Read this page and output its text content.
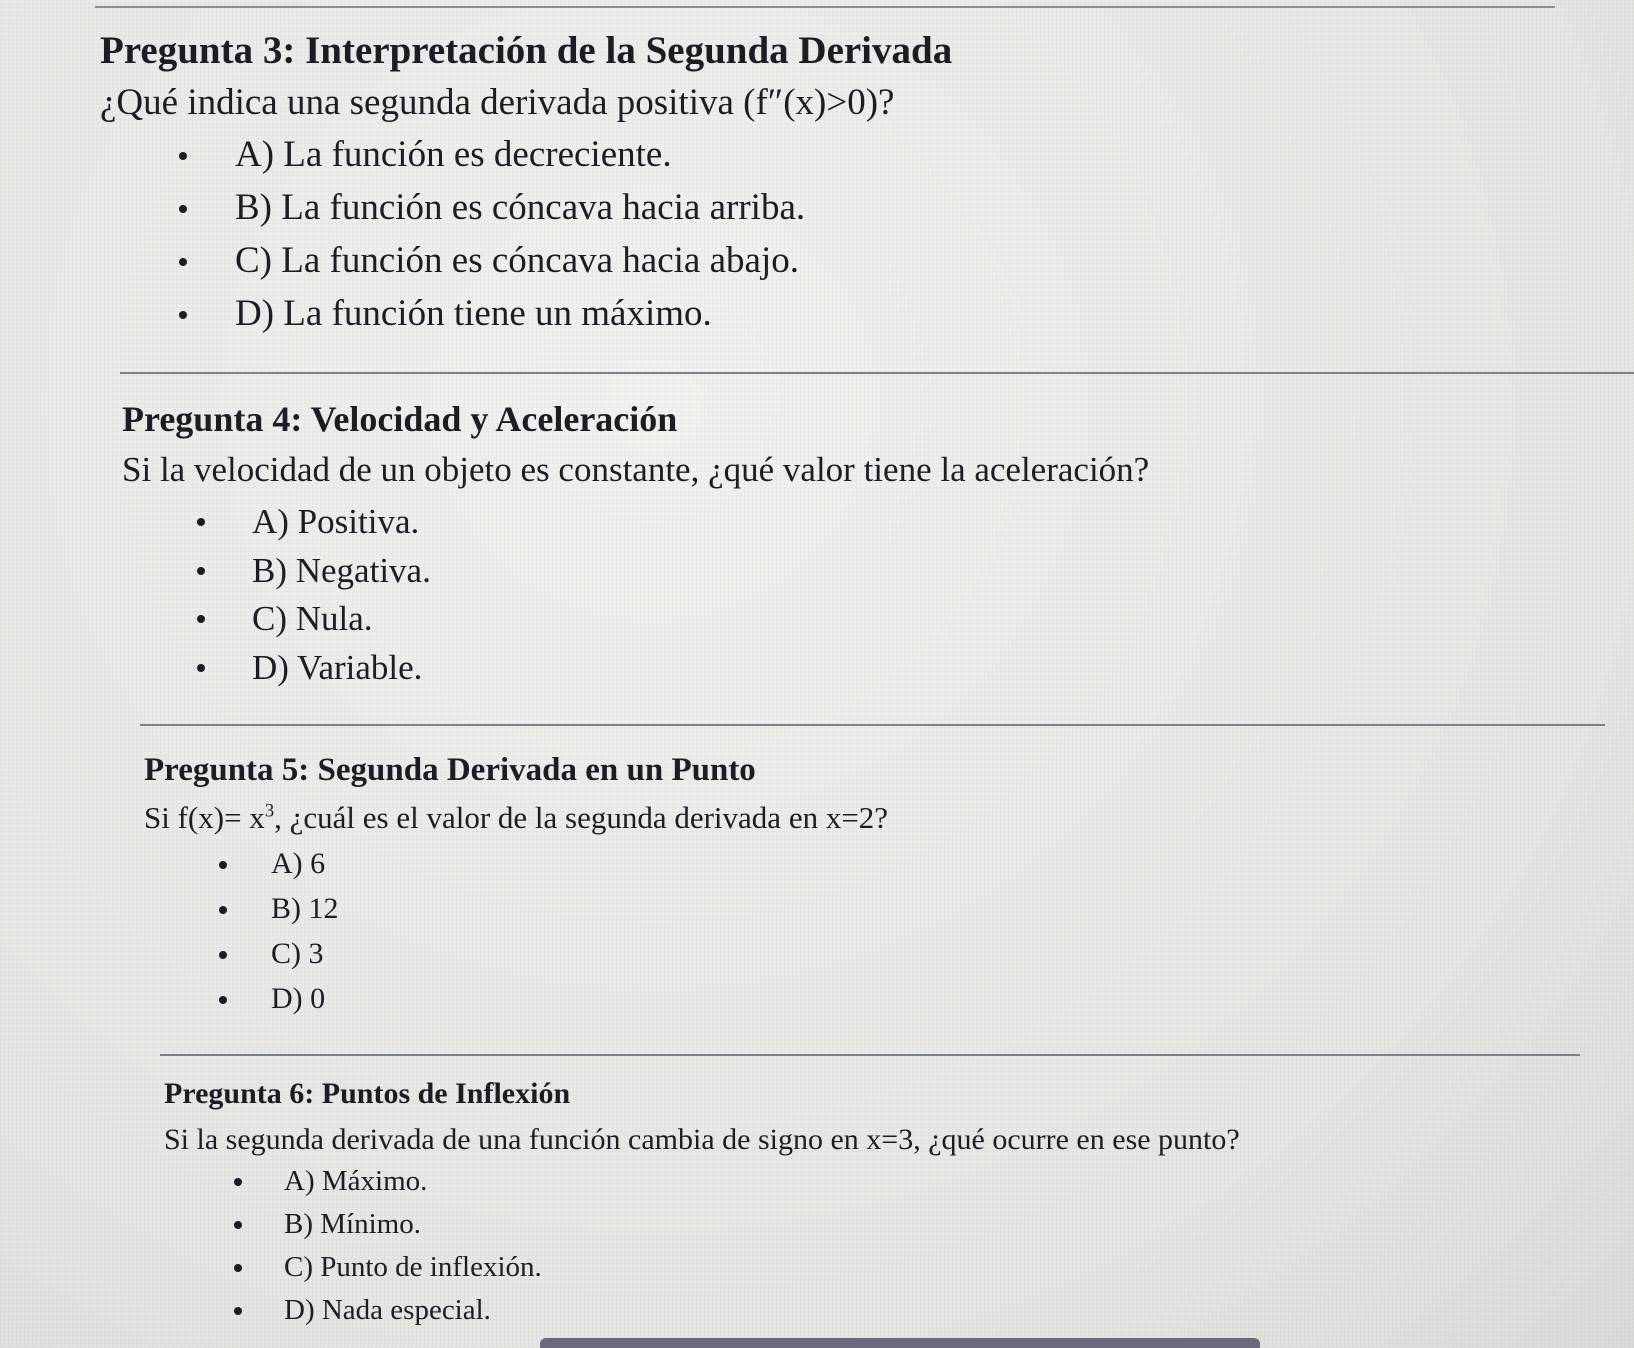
Pregunta 3: Interpretación de la Segunda Derivada

¿Qué indica una segunda derivada positiva (f″(x)>0)?

A) La función es decreciente.
B) La función es cóncava hacia arriba.
C) La función es cóncava hacia abajo.
D) La función tiene un máximo.
Pregunta 4: Velocidad y Aceleración

Si la velocidad de un objeto es constante, ¿qué valor tiene la aceleración?

A) Positiva.
B) Negativa.
C) Nula.
D) Variable.
Pregunta 5: Segunda Derivada en un Punto

Si $f(x)= x^3$, ¿cuál es el valor de la segunda derivada en x=2?

A) 6
B) 12
C) 3
D) 0
Pregunta 6: Puntos de Inflexión

Si la segunda derivada de una función cambia de signo en x=3, ¿qué ocurre en ese punto?

A) Máximo.
B) Mínimo.
C) Punto de inflexión.
D) Nada especial.
